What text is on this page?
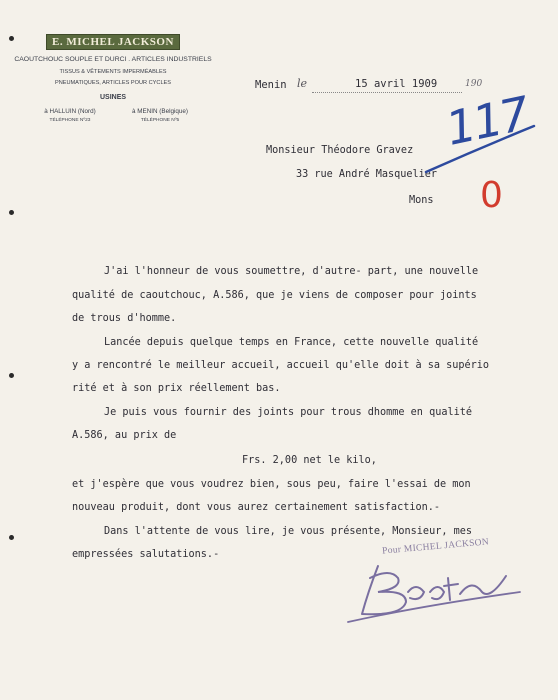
E. MICHEL JACKSON
CAOUTCHOUC SOUPLE ET DURCI . ARTICLES INDUSTRIELS
TISSUS & VÊTEMENTS IMPERMÉABLES
PNEUMATIQUES, ARTICLES POUR CYCLES
USINES
à HALLUIN (Nord)	à MENIN (Belgique)
TÉLÉPHONE Nº23	TÉLÉPHONE Nº5
Menin le	15 avril 1909	190
Monsieur Théodore Gravez
33 rue André Masquelier
Mons
117
0
J'ai l'honneur de vous soumettre, d'autre- part, une nouvelle
qualité de caoutchouc, A.586, que je viens de composer pour joints
de trous d'homme.
Lancée depuis quelque temps en France, cette nouvelle qualité
y a rencontré le meilleur accueil, accueil qu'elle doit à sa supério
rité et à son prix réellement bas.
Je puis vous fournir des joints pour trous dhomme en qualité
A.586, au prix de
Frs. 2,00 net le kilo,
et j'espère que vous voudrez bien, sous peu, faire l'essai de mon
nouveau produit, dont vous aurez certainement satisfaction.-
Dans l'attente de vous lire, je vous présente, Monsieur, mes
empressées salutations.-	Pour MICHEL JACKSON
